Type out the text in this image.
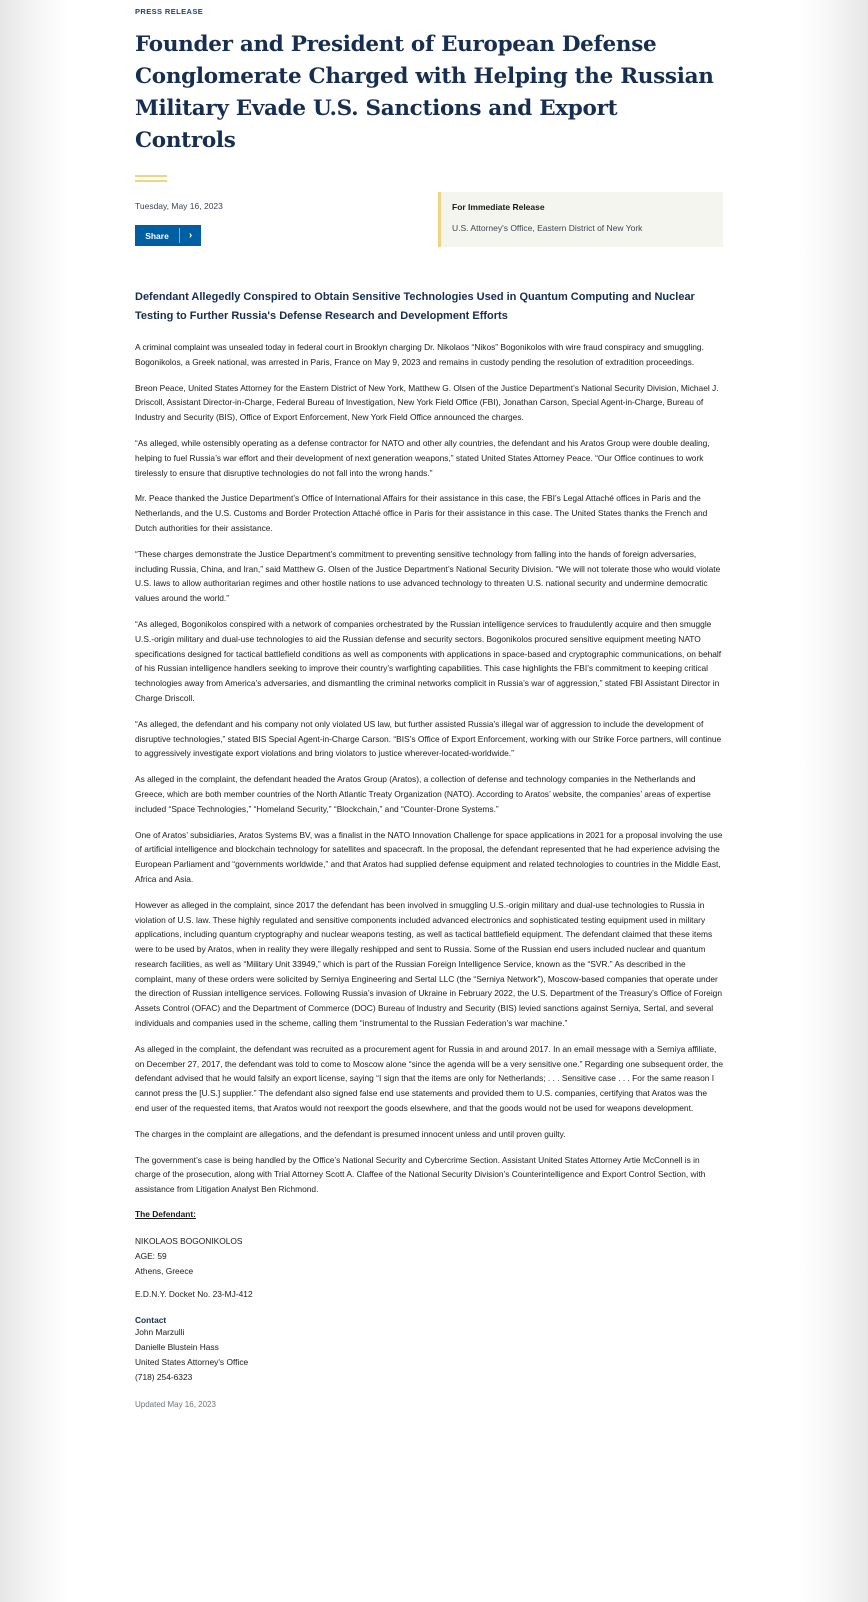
PRESS RELEASE
Founder and President of European Defense Conglomerate Charged with Helping the Russian Military Evade U.S. Sanctions and Export Controls
Tuesday, May 16, 2023
Share	›
For Immediate Release
U.S. Attorney's Office, Eastern District of New York
Defendant Allegedly Conspired to Obtain Sensitive Technologies Used in Quantum Computing and Nuclear Testing to Further Russia's Defense Research and Development Efforts

A criminal complaint was unsealed today in federal court in Brooklyn charging Dr. Nikolaos “Nikos” Bogonikolos with wire fraud conspiracy and smuggling. Bogonikolos, a Greek national, was arrested in Paris, France on May 9, 2023 and remains in custody pending the resolution of extradition proceedings.

Breon Peace, United States Attorney for the Eastern District of New York, Matthew G. Olsen of the Justice Department’s National Security Division, Michael J. Driscoll, Assistant Director-in-Charge, Federal Bureau of Investigation, New York Field Office (FBI), Jonathan Carson, Special Agent-in-Charge, Bureau of Industry and Security (BIS), Office of Export Enforcement, New York Field Office announced the charges.

“As alleged, while ostensibly operating as a defense contractor for NATO and other ally countries, the defendant and his Aratos Group were double dealing, helping to fuel Russia’s war effort and their development of next generation weapons,” stated United States Attorney Peace. “Our Office continues to work tirelessly to ensure that disruptive technologies do not fall into the wrong hands.”

Mr. Peace thanked the Justice Department’s Office of International Affairs for their assistance in this case, the FBI’s Legal Attaché offices in Paris and the Netherlands, and the U.S. Customs and Border Protection Attaché office in Paris for their assistance in this case. The United States thanks the French and Dutch authorities for their assistance.

“These charges demonstrate the Justice Department’s commitment to preventing sensitive technology from falling into the hands of foreign adversaries, including Russia, China, and Iran,” said Matthew G. Olsen of the Justice Department’s National Security Division. “We will not tolerate those who would violate U.S. laws to allow authoritarian regimes and other hostile nations to use advanced technology to threaten U.S. national security and undermine democratic values around the world.”

“As alleged, Bogonikolos conspired with a network of companies orchestrated by the Russian intelligence services to fraudulently acquire and then smuggle U.S.-origin military and dual-use technologies to aid the Russian defense and security sectors. Bogonikolos procured sensitive equipment meeting NATO specifications designed for tactical battlefield conditions as well as components with applications in space-based and cryptographic communications, on behalf of his Russian intelligence handlers seeking to improve their country’s warfighting capabilities. This case highlights the FBI’s commitment to keeping critical technologies away from America’s adversaries, and dismantling the criminal networks complicit in Russia’s war of aggression,” stated FBI Assistant Director in Charge Driscoll.

“As alleged, the defendant and his company not only violated US law, but further assisted Russia’s illegal war of aggression to include the development of disruptive technologies,” stated BIS Special Agent-in-Charge Carson. “BIS’s Office of Export Enforcement, working with our Strike Force partners, will continue to aggressively investigate export violations and bring violators to justice wherever-located-worldwide.”

As alleged in the complaint, the defendant headed the Aratos Group (Aratos), a collection of defense and technology companies in the Netherlands and Greece, which are both member countries of the North Atlantic Treaty Organization (NATO). According to Aratos’ website, the companies’ areas of expertise included “Space Technologies,” “Homeland Security,” “Blockchain,” and “Counter-Drone Systems.”

One of Aratos’ subsidiaries, Aratos Systems BV, was a finalist in the NATO Innovation Challenge for space applications in 2021 for a proposal involving the use of artificial intelligence and blockchain technology for satellites and spacecraft. In the proposal, the defendant represented that he had experience advising the European Parliament and “governments worldwide,” and that Aratos had supplied defense equipment and related technologies to countries in the Middle East, Africa and Asia.

However as alleged in the complaint, since 2017 the defendant has been involved in smuggling U.S.-origin military and dual-use technologies to Russia in violation of U.S. law. These highly regulated and sensitive components included advanced electronics and sophisticated testing equipment used in military applications, including quantum cryptography and nuclear weapons testing, as well as tactical battlefield equipment. The defendant claimed that these items were to be used by Aratos, when in reality they were illegally reshipped and sent to Russia. Some of the Russian end users included nuclear and quantum research facilities, as well as “Military Unit 33949,” which is part of the Russian Foreign Intelligence Service, known as the “SVR.” As described in the complaint, many of these orders were solicited by Serniya Engineering and Sertal LLC (the “Serniya Network”), Moscow-based companies that operate under the direction of Russian intelligence services. Following Russia’s invasion of Ukraine in February 2022, the U.S. Department of the Treasury’s Office of Foreign Assets Control (OFAC) and the Department of Commerce (DOC) Bureau of Industry and Security (BIS) levied sanctions against Serniya, Sertal, and several individuals and companies used in the scheme, calling them “instrumental to the Russian Federation’s war machine.”

As alleged in the complaint, the defendant was recruited as a procurement agent for Russia in and around 2017. In an email message with a Serniya affiliate, on December 27, 2017, the defendant was told to come to Moscow alone “since the agenda will be a very sensitive one.” Regarding one subsequent order, the defendant advised that he would falsify an export license, saying “I sign that the items are only for Netherlands; . . . Sensitive case . . . For the same reason I cannot press the [U.S.] supplier.” The defendant also signed false end use statements and provided them to U.S. companies, certifying that Aratos was the end user of the requested items, that Aratos would not reexport the goods elsewhere, and that the goods would not be used for weapons development.

The charges in the complaint are allegations, and the defendant is presumed innocent unless and until proven guilty.

The government’s case is being handled by the Office’s National Security and Cybercrime Section. Assistant United States Attorney Artie McConnell is in charge of the prosecution, along with Trial Attorney Scott A. Claffee of the National Security Division’s Counterintelligence and Export Control Section, with assistance from Litigation Analyst Ben Richmond.

The Defendant:
NIKOLAOS BOGONIKOLOS
AGE: 59
Athens, Greece
E.D.N.Y. Docket No. 23-MJ-412
Contact
John Marzulli
Danielle Blustein Hass
United States Attorney's Office
(718) 254-6323
Updated May 16, 2023
